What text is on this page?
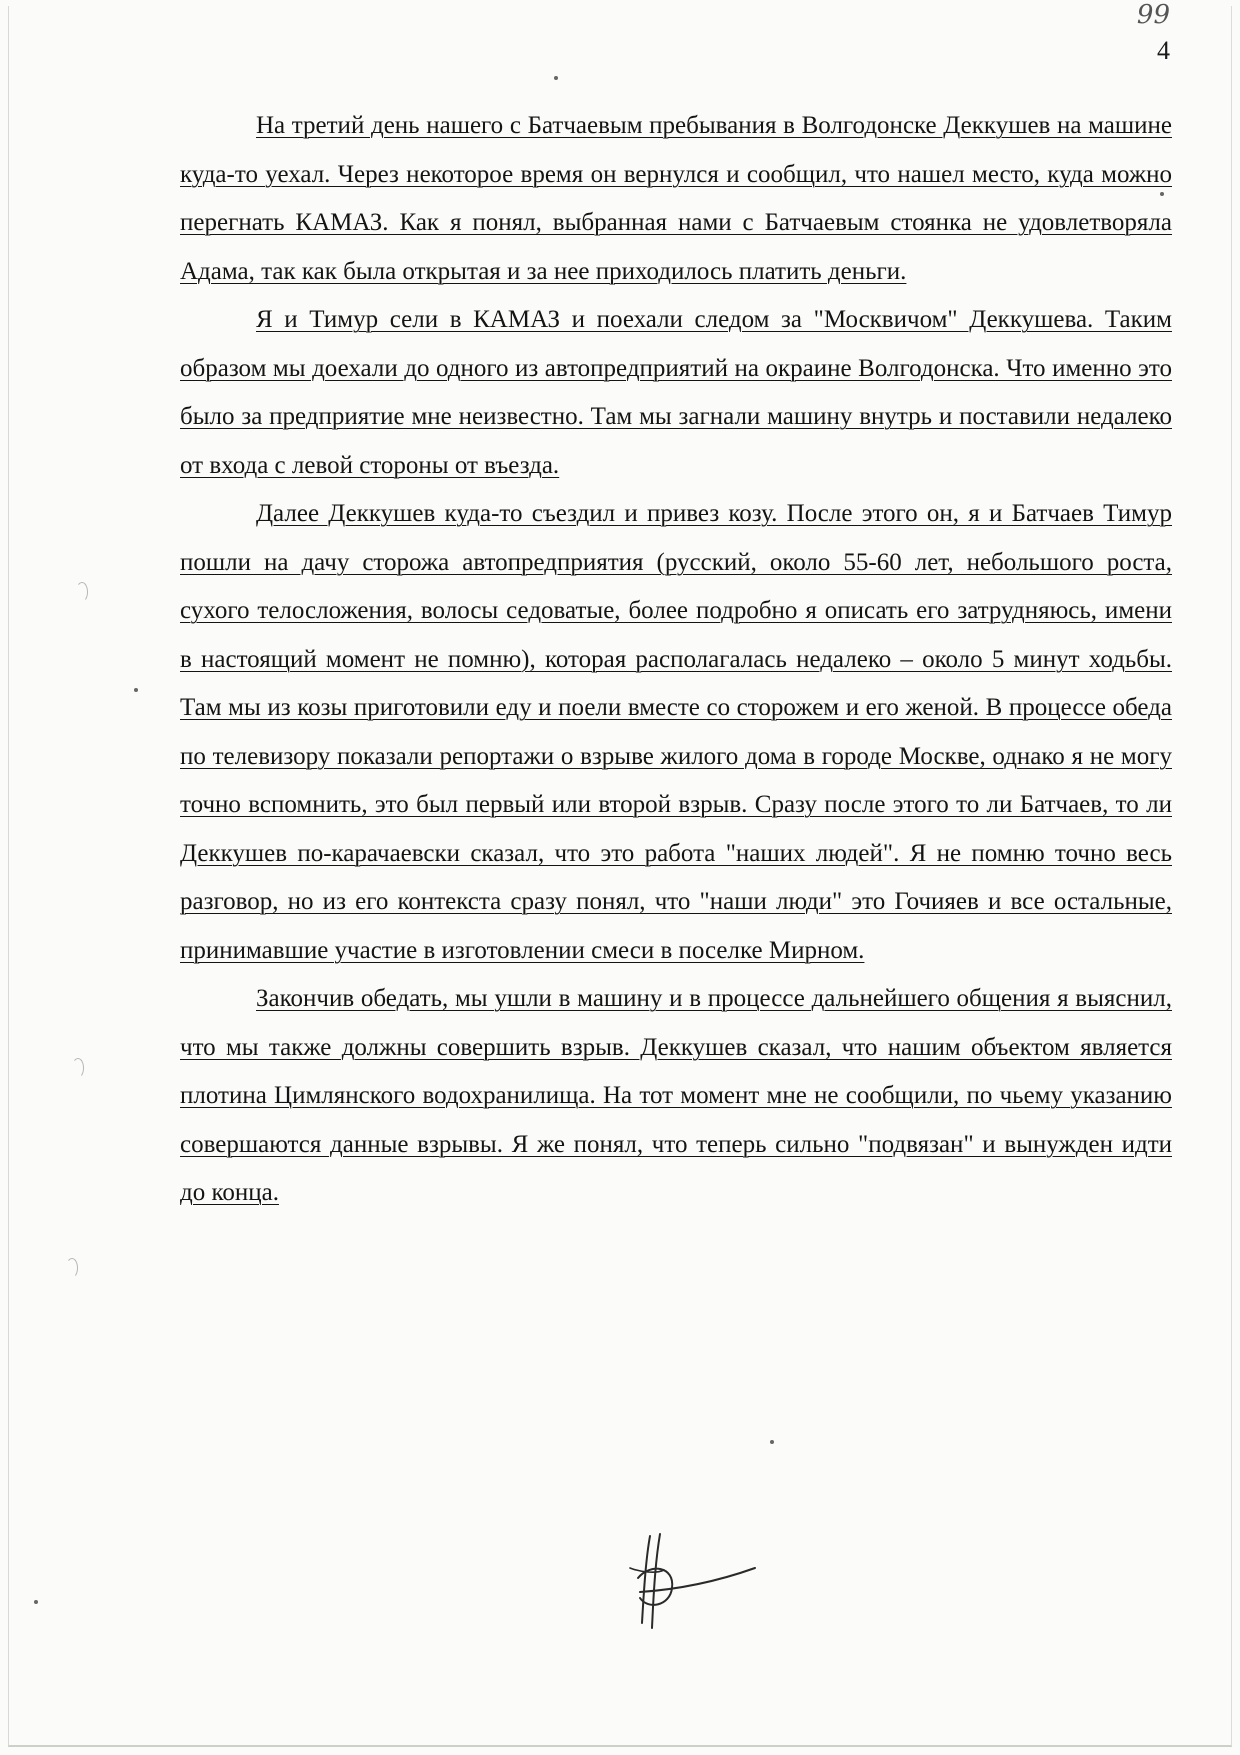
99
4

На третий день нашего с Батчаевым пребывания в Волгодонске Деккушев на машине куда-то уехал. Через некоторое время он вернулся и сообщил, что нашел место, куда можно перегнать КАМАЗ. Как я понял, выбранная нами с Батчаевым стоянка не удовлетворяла Адама, так как была открытая и за нее приходилось платить деньги.

Я и Тимур сели в КАМАЗ и поехали следом за "Москвичом" Деккушева. Таким образом мы доехали до одного из автопредприятий на окраине Волгодонска. Что именно это было за предприятие мне неизвестно. Там мы загнали машину внутрь и поставили недалеко от входа с левой стороны от въезда.

Далее Деккушев куда-то съездил и привез козу. После этого он, я и Батчаев Тимур пошли на дачу сторожа автопредприятия (русский, около 55-60 лет, небольшого роста, сухого телосложения, волосы седоватые, более подробно я описать его затрудняюсь, имени в настоящий момент не помню), которая располагалась недалеко – около 5 минут ходьбы. Там мы из козы приготовили еду и поели вместе со сторожем и его женой. В процессе обеда по телевизору показали репортажи о взрыве жилого дома в городе Москве, однако я не могу точно вспомнить, это был первый или второй взрыв. Сразу после этого то ли Батчаев, то ли Деккушев по-карачаевски сказал, что это работа "наших людей". Я не помню точно весь разговор, но из его контекста сразу понял, что "наши люди" это Гочияев и все остальные, принимавшие участие в изготовлении смеси в поселке Мирном.

Закончив обедать, мы ушли в машину и в процессе дальнейшего общения я выяснил, что мы также должны совершить взрыв. Деккушев сказал, что нашим объектом является плотина Цимлянского водохранилища. На тот момент мне не сообщили, по чьему указанию совершаются данные взрывы. Я же понял, что теперь сильно "подвязан" и вынужден идти до конца.
